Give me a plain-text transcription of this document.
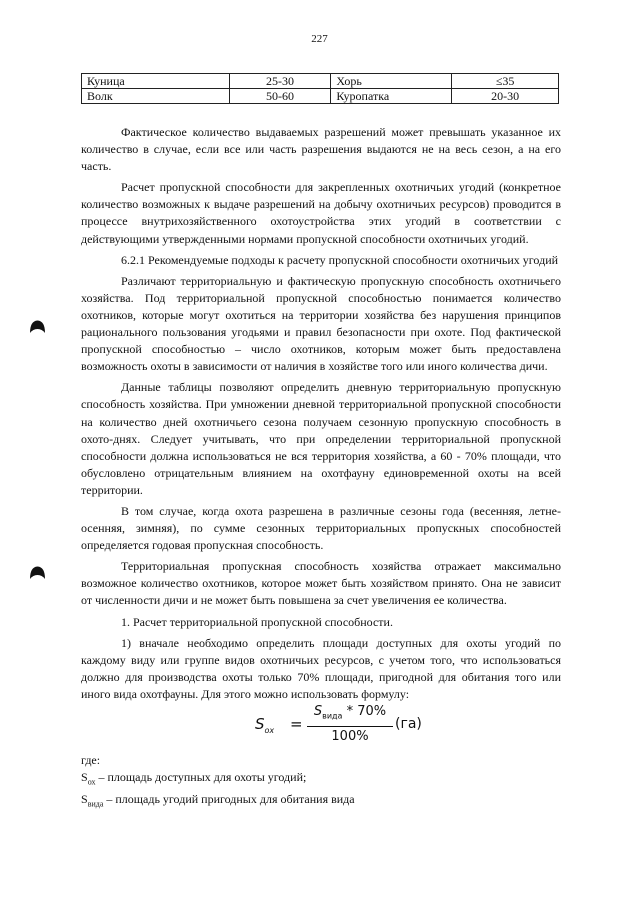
227
Куница	25-30	Хорь	≤35
Волк	50-60	Куропатка	20-30

Фактическое количество выдаваемых разрешений может превышать указанное их количество в случае, если все или часть разрешения выдаются не на весь сезон, а на его часть.

Расчет пропускной способности для закрепленных охотничьих угодий (конкретное количество возможных к выдаче разрешений на добычу охотничьих ресурсов) проводится в процессе внутрихозяйственного охотоустройства этих угодий в соответствии с действующими утвержденными нормами пропускной способности охотничьих угодий.

6.2.1 Рекомендуемые подходы к расчету пропускной способности охотничьих угодий

Различают территориальную и фактическую пропускную способность охотничьего хозяйства. Под территориальной пропускной способностью понимается количество охотников, которые могут охотиться на территории хозяйства без нарушения принципов рационального пользования угодьями и правил безопасности при охоте. Под фактической пропускной способностью – число охотников, которым может быть предоставлена возможность охоты в зависимости от наличия в хозяйстве того или иного количества дичи.

Данные таблицы позволяют определить дневную территориальную пропускную способность хозяйства. При умножении дневной территориальной пропускной способности на количество дней охотничьего сезона получаем сезонную пропускную способность в охото-днях. Следует учитывать, что при определении территориальной пропускной способности должна использоваться не вся территория хозяйства, а 60 - 70% площади, что обусловлено отрицательным влиянием на охотфауну единовременной охоты на всей территории.

В том случае, когда охота разрешена в различные сезоны года (весенняя, летне-осенняя, зимняя), по сумме сезонных территориальных пропускных способностей определяется годовая пропускная способность.

Территориальная пропускная способность хозяйства отражает максимально возможное количество охотников, которое может быть хозяйством принято. Она не зависит от численности дичи и не может быть повышена за счет увеличения ее количества.

1. Расчет территориальной пропускной способности.

1) вначале необходимо определить площади доступных для охоты угодий по каждому виду или группе видов охотничьих ресурсов, с учетом того, что использоваться должно для производства охоты только 70% площади, пригодной для обитания того или иного вида охотфауны. Для этого можно использовать формулу:

$S_{ох}$ =
$S_{вида} * 70\%$
100%
(га)

где:

$S_{ох}$ – площадь доступных для охоты угодий;

$S_{вида}$ – площадь угодий пригодных для обитания вида
